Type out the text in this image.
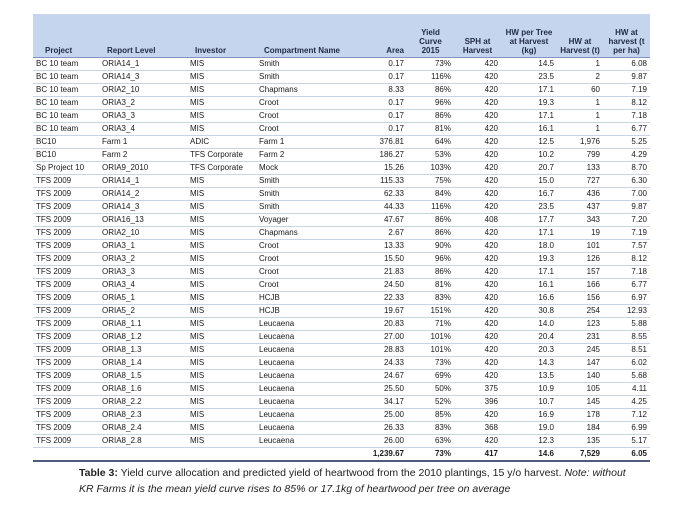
Project	Report Level	Investor	Compartment Name	Area	Yield Curve 2015	SPH at Harvest	HW per Tree at Harvest (kg)	HW at Harvest (t)	HW at harvest (t per ha)
BC 10 team	ORIA14_1	MIS	Smith	0.17	73%	420	14.5	1	6.08
BC 10 team	ORIA14_3	MIS	Smith	0.17	116%	420	23.5	2	9.87
BC 10 team	ORIA2_10	MIS	Chapmans	8.33	86%	420	17.1	60	7.19
BC 10 team	ORIA3_2	MIS	Croot	0.17	96%	420	19.3	1	8.12
BC 10 team	ORIA3_3	MIS	Croot	0.17	86%	420	17.1	1	7.18
BC 10 team	ORIA3_4	MIS	Croot	0.17	81%	420	16.1	1	6.77
BC10	Farm 1	ADIC	Farm 1	376.81	64%	420	12.5	1,976	5.25
BC10	Farm 2	TFS Corporate	Farm 2	186.27	53%	420	10.2	799	4.29
Sp Project 10	ORIA9_2010	TFS Corporate	Mock	15.26	103%	420	20.7	133	8.70
TFS 2009	ORIA14_1	MIS	Smith	115.33	75%	420	15.0	727	6.30
TFS 2009	ORIA14_2	MIS	Smith	62.33	84%	420	16.7	436	7.00
TFS 2009	ORIA14_3	MIS	Smith	44.33	116%	420	23.5	437	9.87
TFS 2009	ORIA16_13	MIS	Voyager	47.67	86%	408	17.7	343	7.20
TFS 2009	ORIA2_10	MIS	Chapmans	2.67	86%	420	17.1	19	7.19
TFS 2009	ORIA3_1	MIS	Croot	13.33	90%	420	18.0	101	7.57
TFS 2009	ORIA3_2	MIS	Croot	15.50	96%	420	19.3	126	8.12
TFS 2009	ORIA3_3	MIS	Croot	21.83	86%	420	17.1	157	7.18
TFS 2009	ORIA3_4	MIS	Croot	24.50	81%	420	16.1	166	6.77
TFS 2009	ORIA5_1	MIS	HCJB	22.33	83%	420	16.6	156	6.97
TFS 2009	ORIA5_2	MIS	HCJB	19.67	151%	420	30.8	254	12.93
TFS 2009	ORIA8_1.1	MIS	Leucaena	20.83	71%	420	14.0	123	5.88
TFS 2009	ORIA8_1.2	MIS	Leucaena	27.00	101%	420	20.4	231	8.55
TFS 2009	ORIA8_1.3	MIS	Leucaena	28.83	101%	420	20.3	245	8.51
TFS 2009	ORIA8_1.4	MIS	Leucaena	24.33	73%	420	14.3	147	6.02
TFS 2009	ORIA8_1.5	MIS	Leucaena	24.67	69%	420	13.5	140	5.68
TFS 2009	ORIA8_1.6	MIS	Leucaena	25.50	50%	375	10.9	105	4.11
TFS 2009	ORIA8_2.2	MIS	Leucaena	34.17	52%	396	10.7	145	4.25
TFS 2009	ORIA8_2.3	MIS	Leucaena	25.00	85%	420	16.9	178	7.12
TFS 2009	ORIA8_2.4	MIS	Leucaena	26.33	83%	368	19.0	184	6.99
TFS 2009	ORIA8_2.8	MIS	Leucaena	26.00	63%	420	12.3	135	5.17
				1,239.67	73%	417	14.6	7,529	6.05
Table 3: Yield curve allocation and predicted yield of heartwood from the 2010 plantings, 15 y/o harvest. Note: without KR Farms it is the mean yield curve rises to 85% or 17.1kg of heartwood per tree on average
